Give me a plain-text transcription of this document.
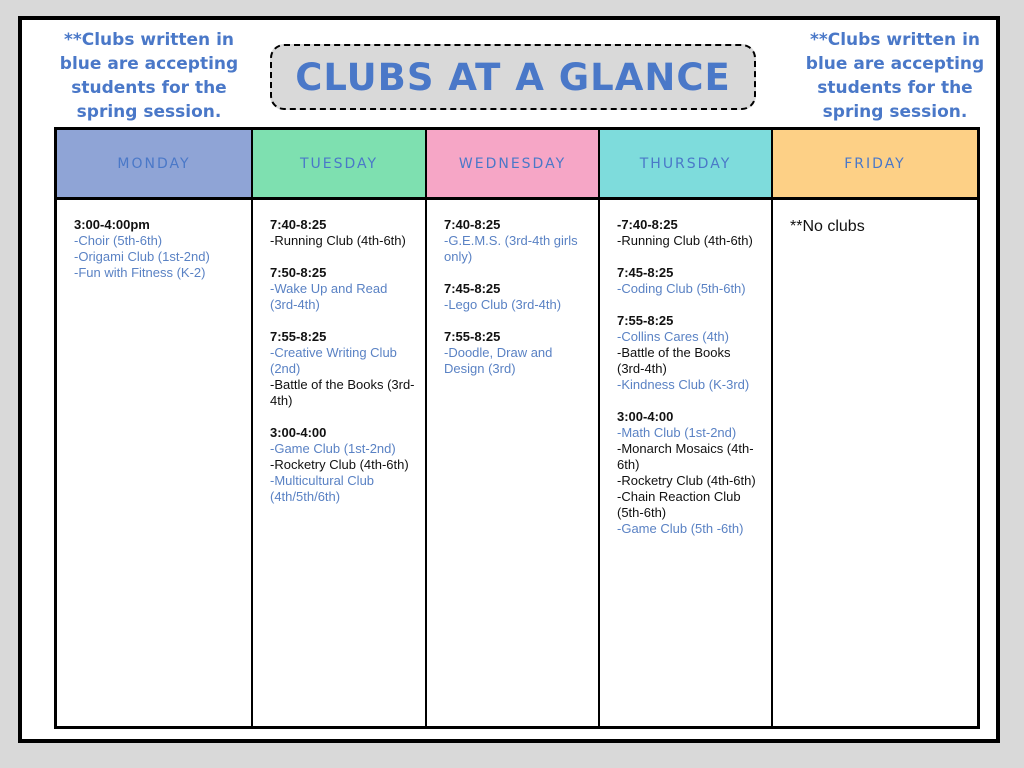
**Clubs written in blue are accepting students for the spring session.
**Clubs written in blue are accepting students for the spring session.
CLUBS AT A GLANCE
MONDAY
3:00-4:00pm
-Choir (5th-6th)
-Origami Club (1st-2nd)
-Fun with Fitness (K-2)
TUESDAY
7:40-8:25
-Running Club (4th-6th)
7:50-8:25
-Wake Up and Read (3rd-4th)
7:55-8:25
-Creative Writing Club (2nd)
-Battle of the Books (3rd-4th)
3:00-4:00
-Game Club (1st-2nd)
-Rocketry Club (4th-6th)
-Multicultural Club (4th/5th/6th)
WEDNESDAY
7:40-8:25
-G.E.M.S. (3rd-4th girls only)
7:45-8:25
-Lego Club (3rd-4th)
7:55-8:25
-Doodle, Draw and Design (3rd)
THURSDAY
-7:40-8:25
-Running Club (4th-6th)
7:45-8:25
-Coding Club (5th-6th)
7:55-8:25
-Collins Cares (4th)
-Battle of the Books (3rd-4th)
-Kindness Club (K-3rd)
3:00-4:00
-Math Club (1st-2nd)
-Monarch Mosaics (4th-6th)
-Rocketry Club (4th-6th)
-Chain Reaction Club (5th-6th)
-Game Club (5th -6th)
FRIDAY
**No clubs
